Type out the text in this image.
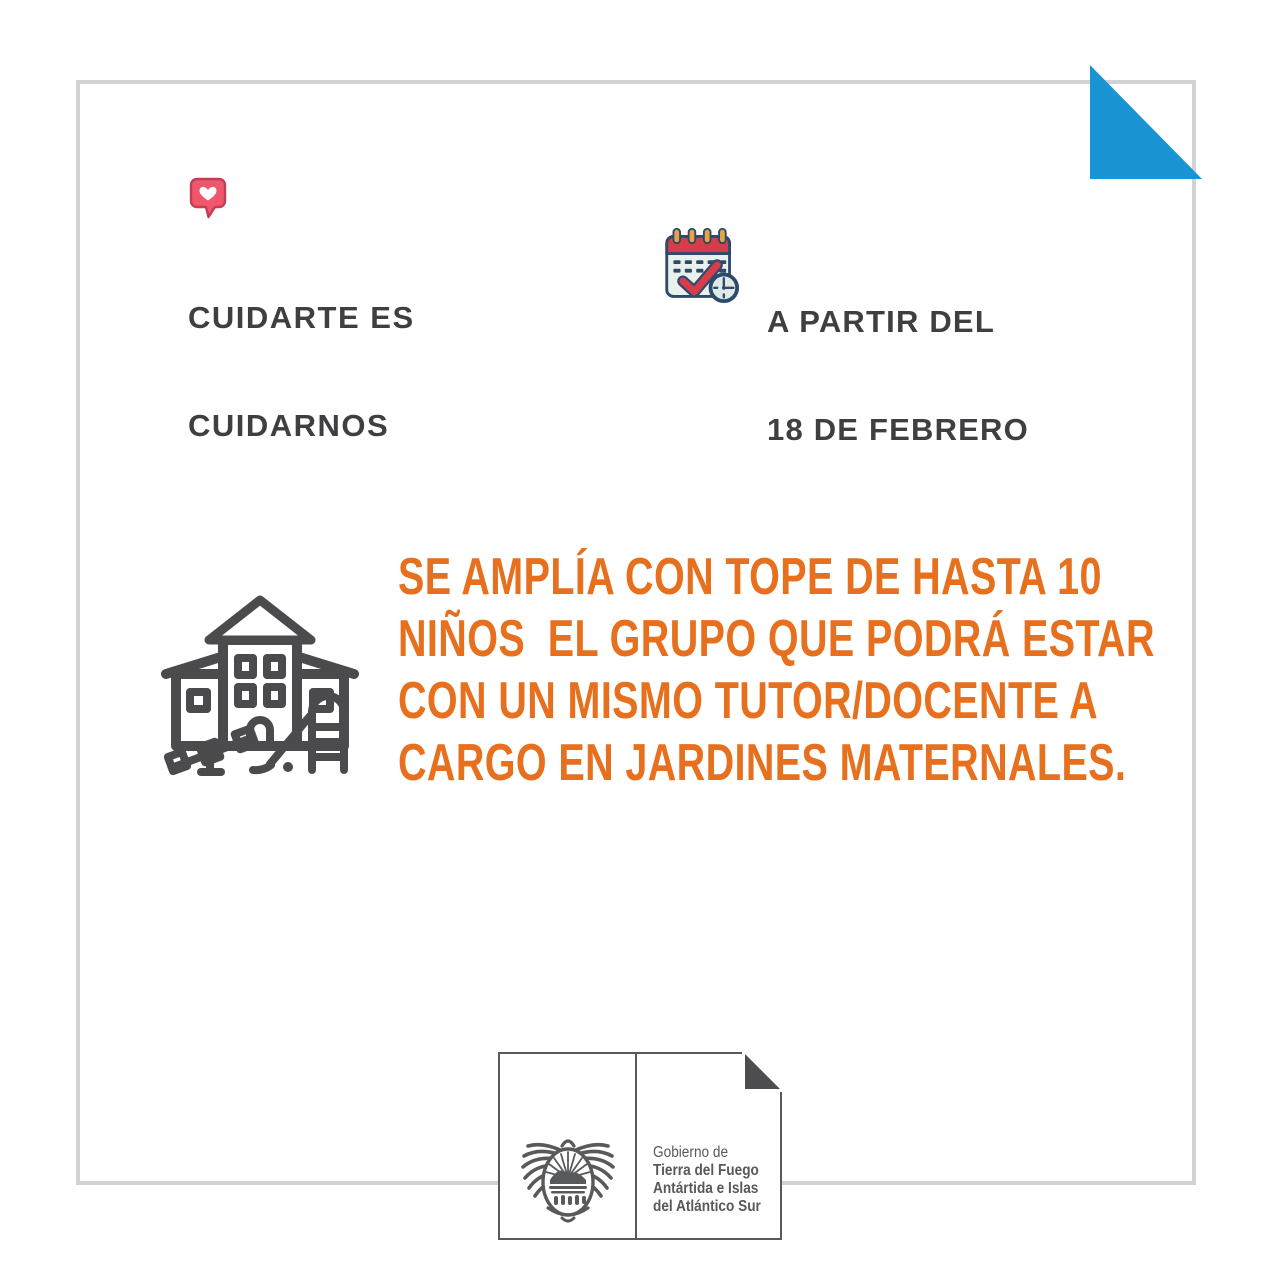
CUIDARTE ES

CUIDARNOS

A PARTIR DEL

18 DE FEBRERO

SE AMPLÍA CON TOPE DE HASTA 10
NIÑOS  EL GRUPO QUE PODRÁ ESTAR
CON UN MISMO TUTOR/DOCENTE A
CARGO EN JARDINES MATERNALES.
Gobierno de
Tierra del Fuego
Antártida e Islas
del Atlántico Sur
